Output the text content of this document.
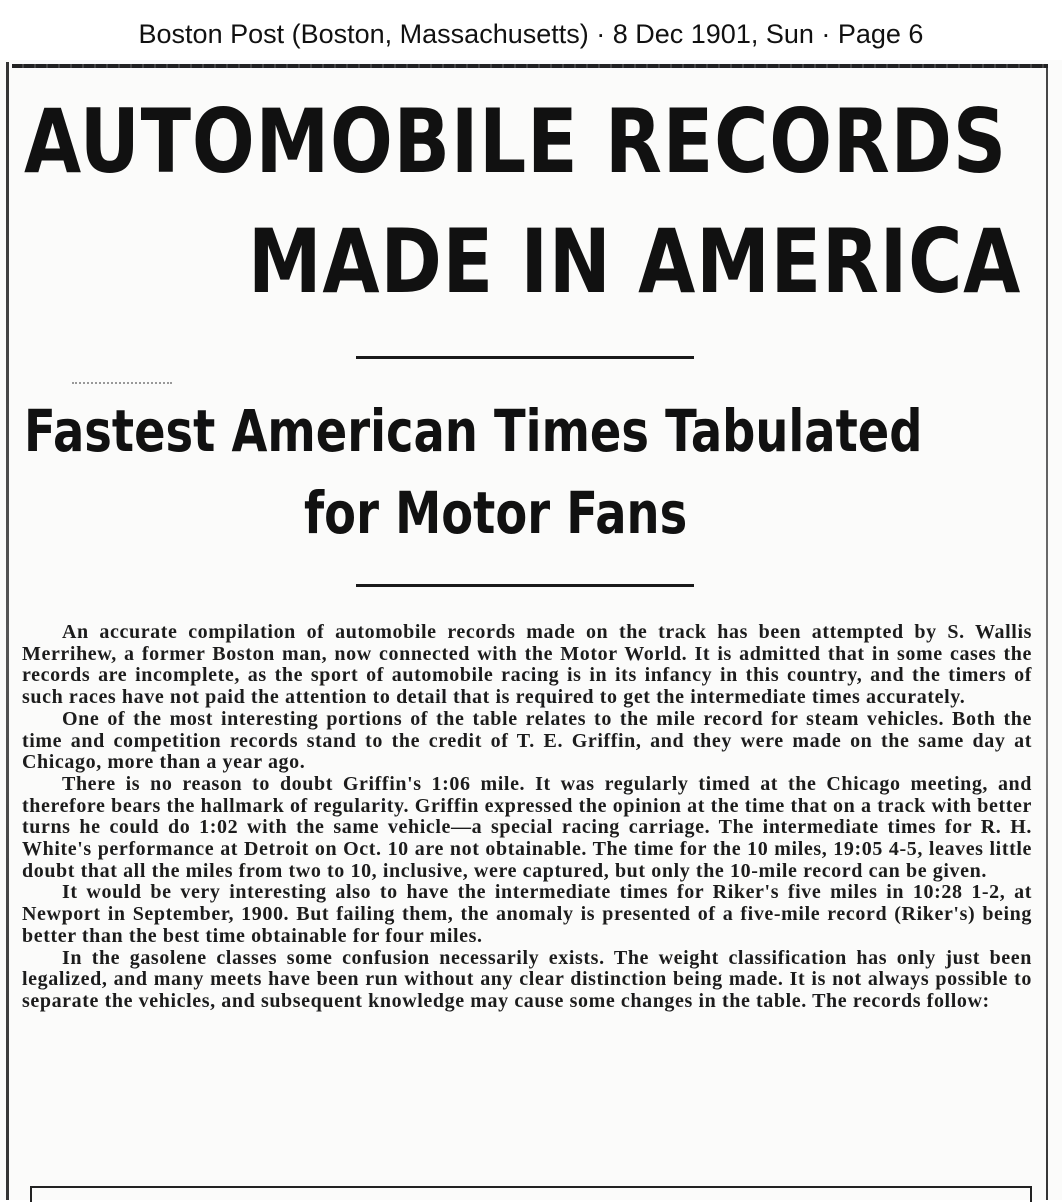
Boston Post (Boston, Massachusetts) · 8 Dec 1901, Sun · Page 6
AUTOMOBILE RECORDS
MADE IN AMERICA
Fastest American Times Tabulated
for Motor Fans

An accurate compilation of automobile records made on the track has been attempted by S. Wallis Merrihew, a former Boston man, now connected with the Motor World. It is admitted that in some cases the records are incomplete, as the sport of automobile racing is in its infancy in this country, and the timers of such races have not paid the attention to detail that is required to get the intermediate times accurately.

One of the most interesting portions of the table relates to the mile record for steam vehicles. Both the time and competition records stand to the credit of T. E. Griffin, and they were made on the same day at Chicago, more than a year ago.

There is no reason to doubt Griffin's 1:06 mile. It was regularly timed at the Chicago meeting, and therefore bears the hallmark of regularity. Griffin expressed the opinion at the time that on a track with better turns he could do 1:02 with the same vehicle—a special racing carriage. The intermediate times for R. H. White's performance at Detroit on Oct. 10 are not obtainable. The time for the 10 miles, 19:05 4-5, leaves little doubt that all the miles from two to 10, inclusive, were captured, but only the 10-mile record can be given.

It would be very interesting also to have the intermediate times for Riker's five miles in 10:28 1-2, at Newport in September, 1900. But failing them, the anomaly is presented of a five-mile record (Riker's) being better than the best time obtainable for four miles.

In the gasolene classes some confusion necessarily exists. The weight classification has only just been legalized, and many meets have been run without any clear distinction being made. It is not always possible to separate the vehicles, and subsequent knowledge may cause some changes in the table. The records follow:
